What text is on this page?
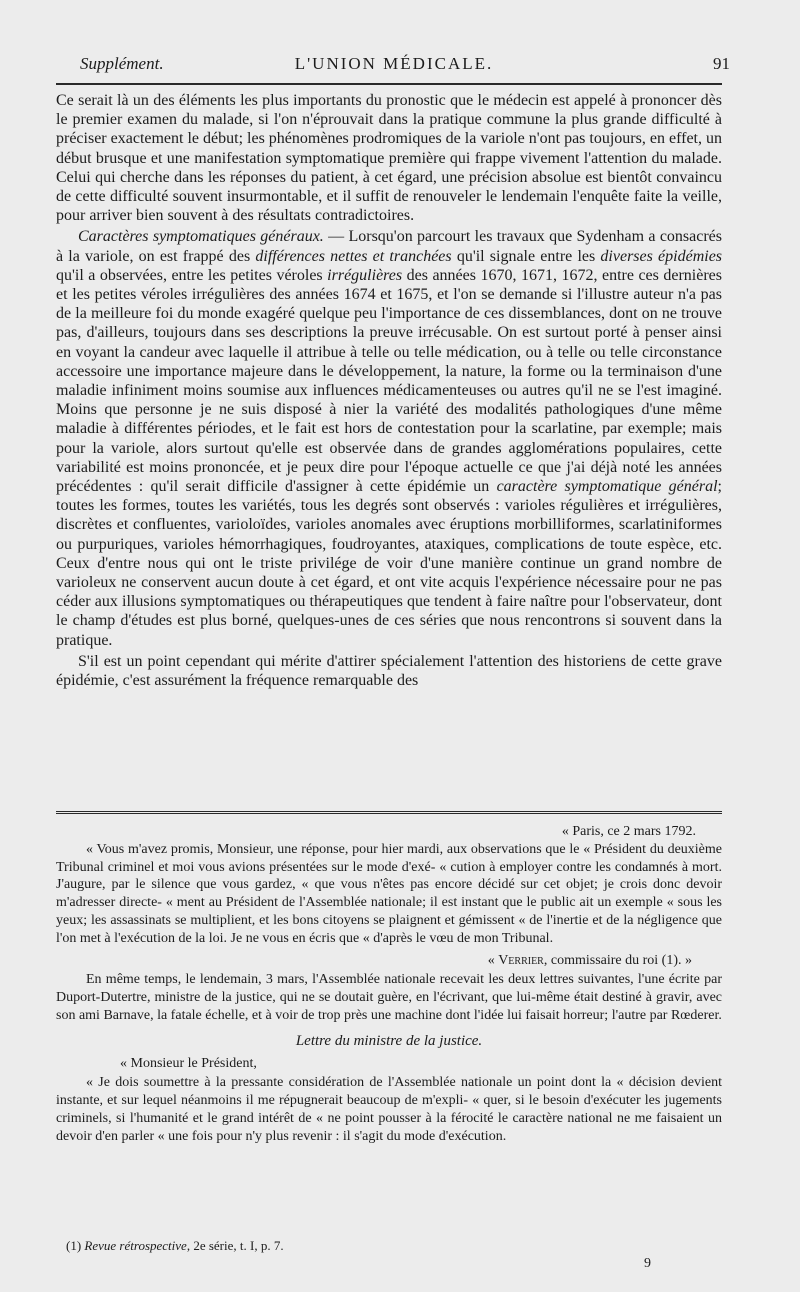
Supplément.	L'UNION MÉDICALE.	91

Ce serait là un des éléments les plus importants du pronostic que le médecin est appelé à prononcer dès le premier examen du malade, si l'on n'éprouvait dans la pratique commune la plus grande difficulté à préciser exactement le début; les phénomènes prodromiques de la variole n'ont pas toujours, en effet, un début brusque et une manifestation symptomatique première qui frappe vivement l'attention du malade. Celui qui cherche dans les réponses du patient, à cet égard, une précision absolue est bientôt convaincu de cette difficulté souvent insurmontable, et il suffit de renouveler le lendemain l'enquête faite la veille, pour arriver bien souvent à des résultats contradictoires.

Caractères symptomatiques généraux. — Lorsqu'on parcourt les travaux que Sydenham a consacrés à la variole, on est frappé des différences nettes et tranchées qu'il signale entre les diverses épidémies qu'il a observées, entre les petites véroles irrégulières des années 1670, 1671, 1672, entre ces dernières et les petites véroles irrégulières des années 1674 et 1675, et l'on se demande si l'illustre auteur n'a pas de la meilleure foi du monde exagéré quelque peu l'importance de ces dissemblances, dont on ne trouve pas, d'ailleurs, toujours dans ses descriptions la preuve irrécusable. On est surtout porté à penser ainsi en voyant la candeur avec laquelle il attribue à telle ou telle médication, ou à telle ou telle circonstance accessoire une importance majeure dans le développement, la nature, la forme ou la terminaison d'une maladie infiniment moins soumise aux influences médicamenteuses ou autres qu'il ne se l'est imaginé. Moins que personne je ne suis disposé à nier la variété des modalités pathologiques d'une même maladie à différentes périodes, et le fait est hors de contestation pour la scarlatine, par exemple; mais pour la variole, alors surtout qu'elle est observée dans de grandes agglomérations populaires, cette variabilité est moins prononcée, et je peux dire pour l'époque actuelle ce que j'ai déjà noté les années précédentes : qu'il serait difficile d'assigner à cette épidémie un caractère symptomatique général; toutes les formes, toutes les variétés, tous les degrés sont observés : varioles régulières et irrégulières, discrètes et confluentes, varioloïdes, varioles anomales avec éruptions morbilliformes, scarlatiniformes ou purpuriques, varioles hémorrhagiques, foudroyantes, ataxiques, complications de toute espèce, etc. Ceux d'entre nous qui ont le triste privilége de voir d'une manière continue un grand nombre de varioleux ne conservent aucun doute à cet égard, et ont vite acquis l'expérience nécessaire pour ne pas céder aux illusions symptomatiques ou thérapeutiques que tendent à faire naître pour l'observateur, dont le champ d'études est plus borné, quelques-unes de ces séries que nous rencontrons si souvent dans la pratique.

S'il est un point cependant qui mérite d'attirer spécialement l'attention des historiens de cette grave épidémie, c'est assurément la fréquence remarquable des

« Paris, ce 2 mars 1792.

« Vous m'avez promis, Monsieur, une réponse, pour hier mardi, aux observations que le « Président du deuxième Tribunal criminel et moi vous avions présentées sur le mode d'exé- « cution à employer contre les condamnés à mort. J'augure, par le silence que vous gardez, « que vous n'êtes pas encore décidé sur cet objet; je crois donc devoir m'adresser directe- « ment au Président de l'Assemblée nationale; il est instant que le public ait un exemple « sous les yeux; les assassinats se multiplient, et les bons citoyens se plaignent et gémissent « de l'inertie et de la négligence que l'on met à l'exécution de la loi. Je ne vous en écris que « d'après le vœu de mon Tribunal.

« Verrier, commissaire du roi (1). »

En même temps, le lendemain, 3 mars, l'Assemblée nationale recevait les deux lettres suivantes, l'une écrite par Duport-Dutertre, ministre de la justice, qui ne se doutait guère, en l'écrivant, que lui-même était destiné à gravir, avec son ami Barnave, la fatale échelle, et à voir de trop près une machine dont l'idée lui faisait horreur; l'autre par Rœderer.

Lettre du ministre de la justice.

« Monsieur le Président,

« Je dois soumettre à la pressante considération de l'Assemblée nationale un point dont la « décision devient instante, et sur lequel néanmoins il me répugnerait beaucoup de m'expli- « quer, si le besoin d'exécuter les jugements criminels, si l'humanité et le grand intérêt de « ne point pousser à la férocité le caractère national ne me faisaient un devoir d'en parler « une fois pour n'y plus revenir : il s'agit du mode d'exécution.

(1) Revue rétrospective, 2e série, t. I, p. 7.
9
